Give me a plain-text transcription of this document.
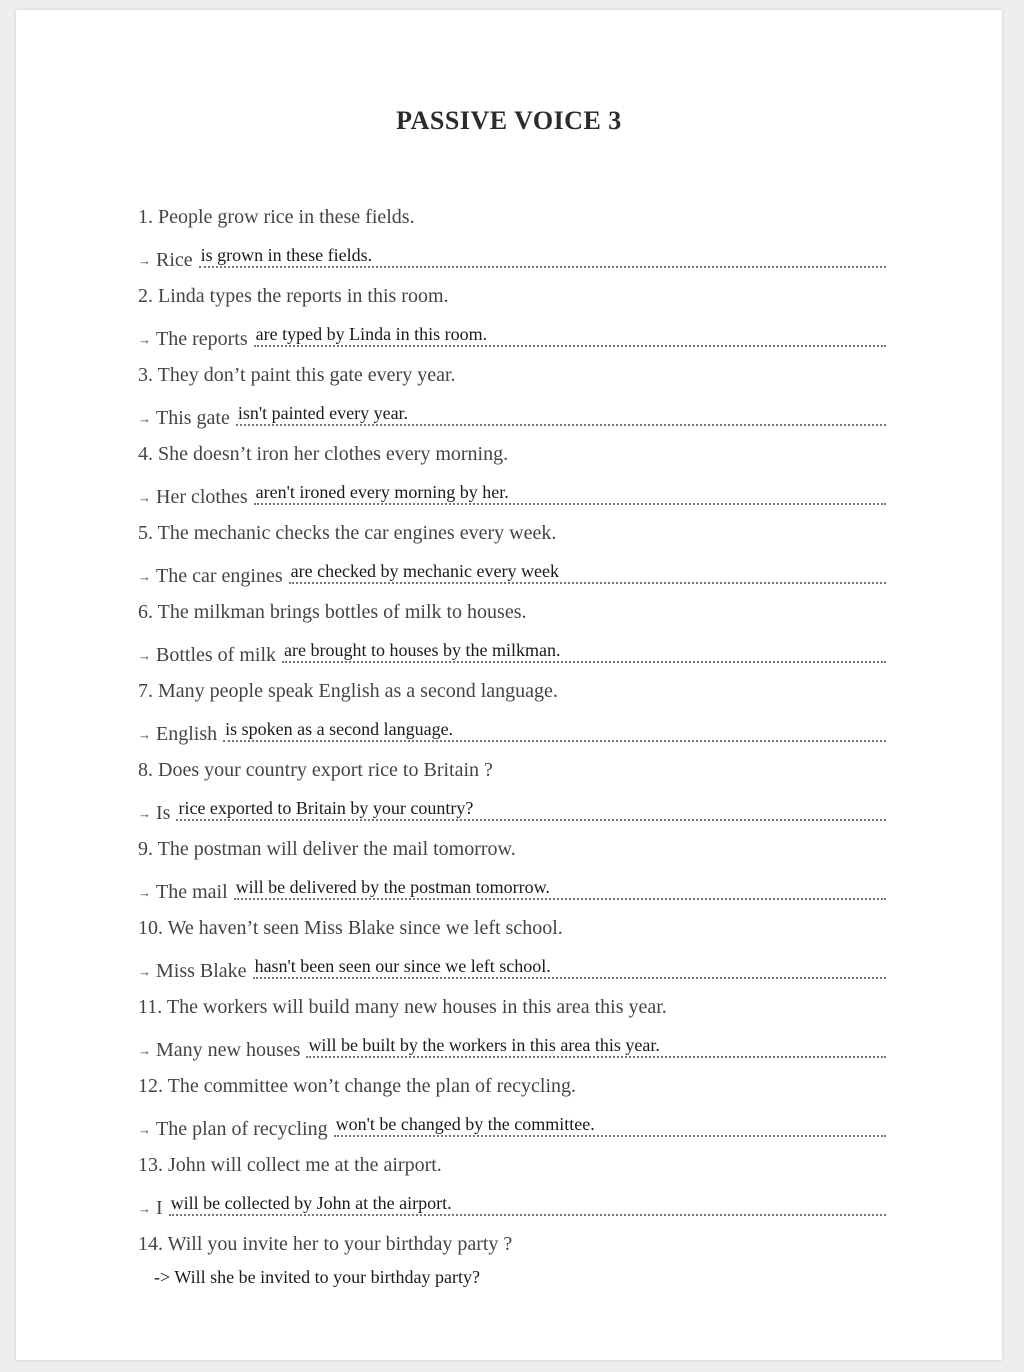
PASSIVE VOICE 3
1. People grow rice in these fields.
→ Rice is grown in these fields.
2. Linda types the reports in this room.
→ The reports are typed by Linda in this room.
3. They don’t paint this gate every year.
→ This gate isn't painted every year.
4. She doesn’t iron her clothes every morning.
→ Her clothes aren't ironed every morning by her.
5. The mechanic checks the car engines every week.
→ The car engines are checked by mechanic every week
6. The milkman brings bottles of milk to houses.
→ Bottles of milk are brought to houses by the milkman.
7. Many people speak English as a second language.
→ English is spoken as a second language.
8. Does your country export rice to Britain ?
→ Is rice exported to Britain by your country?
9. The postman will deliver the mail tomorrow.
→ The mail will be delivered by the postman tomorrow.
10. We haven’t seen Miss Blake since we left school.
→ Miss Blake hasn't been seen our since we left school.
11. The workers will build many new houses in this area this year.
→ Many new houses will be built by the workers in this area this year.
12. The committee won’t change the plan of recycling.
→ The plan of recycling won't be changed by the committee.
13. John will collect me at the airport.
→ I will be collected by John at the airport.
14. Will you invite her to your birthday party ?
-> Will she be invited to your birthday party?
